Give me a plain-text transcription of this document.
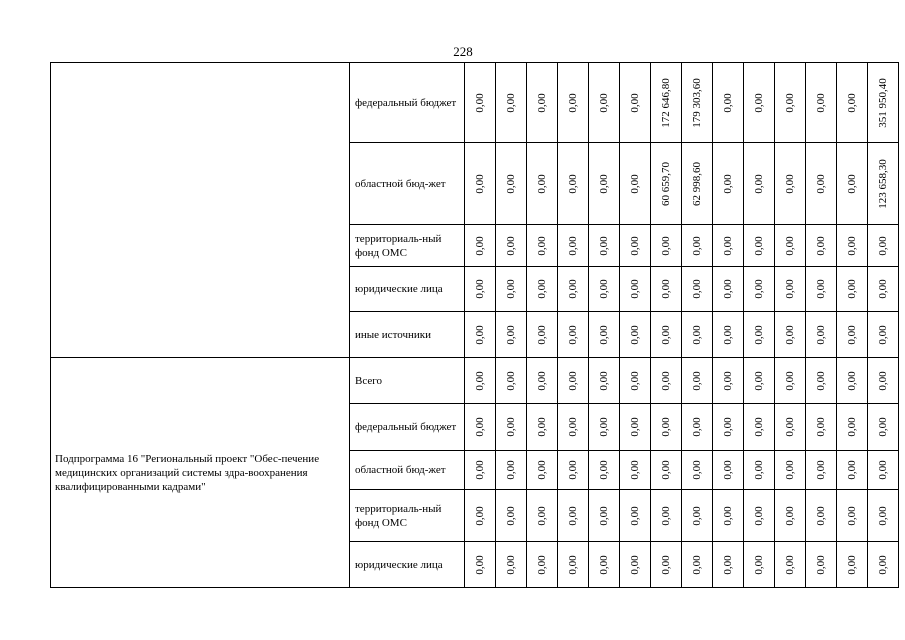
228
	федеральный бюджет	0,00	0,00	0,00	0,00	0,00	0,00	172 646,80	179 303,60	0,00	0,00	0,00	0,00	0,00	351 950,40

	областной бюд-жет	0,00	0,00	0,00	0,00	0,00	0,00	60 659,70	62 998,60	0,00	0,00	0,00	0,00	0,00	123 658,30

	территориаль-ный фонд ОМС	0,00	0,00	0,00	0,00	0,00	0,00	0,00	0,00	0,00	0,00	0,00	0,00	0,00	0,00

	юридические лица	0,00	0,00	0,00	0,00	0,00	0,00	0,00	0,00	0,00	0,00	0,00	0,00	0,00	0,00

	иные источники	0,00	0,00	0,00	0,00	0,00	0,00	0,00	0,00	0,00	0,00	0,00	0,00	0,00	0,00

Подпрограмма 16 "Региональный проект "Обес-печение медицинских организаций системы здра-воохранения квалифицированными кадрами"	Всего	0,00	0,00	0,00	0,00	0,00	0,00	0,00	0,00	0,00	0,00	0,00	0,00	0,00	0,00

	федеральный бюджет	0,00	0,00	0,00	0,00	0,00	0,00	0,00	0,00	0,00	0,00	0,00	0,00	0,00	0,00

	областной бюд-жет	0,00	0,00	0,00	0,00	0,00	0,00	0,00	0,00	0,00	0,00	0,00	0,00	0,00	0,00

	территориаль-ный фонд ОМС	0,00	0,00	0,00	0,00	0,00	0,00	0,00	0,00	0,00	0,00	0,00	0,00	0,00	0,00

	юридические лица	0,00	0,00	0,00	0,00	0,00	0,00	0,00	0,00	0,00	0,00	0,00	0,00	0,00	0,00
